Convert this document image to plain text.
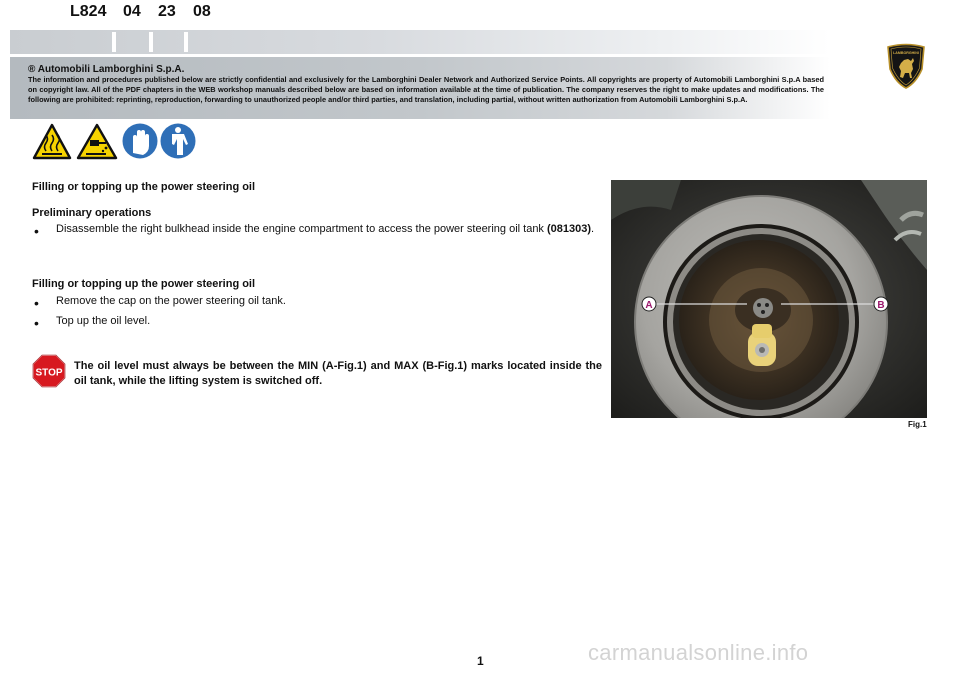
L824 04 23 08
® Automobili Lamborghini S.p.A.
The information and procedures published below are strictly confidential and exclusively for the Lamborghini Dealer Network and Authorized Service Points. All copyrights are property of Automobili Lamborghini S.p.A based on copyright law. All of the PDF chapters in the WEB workshop manuals described below are based on information available at the time of publication. The company reserves the right to make updates and modifications. The following are prohibited: reprinting, reproduction, forwarding to unauthorized people and/or third parties, and translation, including partial, without written authorization from Automobili Lamborghini S.p.A.
LAMBORGHINI
Filling or topping up the power steering oil
Preliminary operations
• Disassemble the right bulkhead inside the engine compartment to access the power steering oil tank (081303).
Filling or topping up the power steering oil
• Remove the cap on the power steering oil tank.
• Top up the oil level.
STOP
The oil level must always be between the MIN (A-Fig.1) and MAX (B-Fig.1) marks located inside the oil tank, while the lifting system is switched off.
A	B
Fig.1
1	carmanualsonline.info
